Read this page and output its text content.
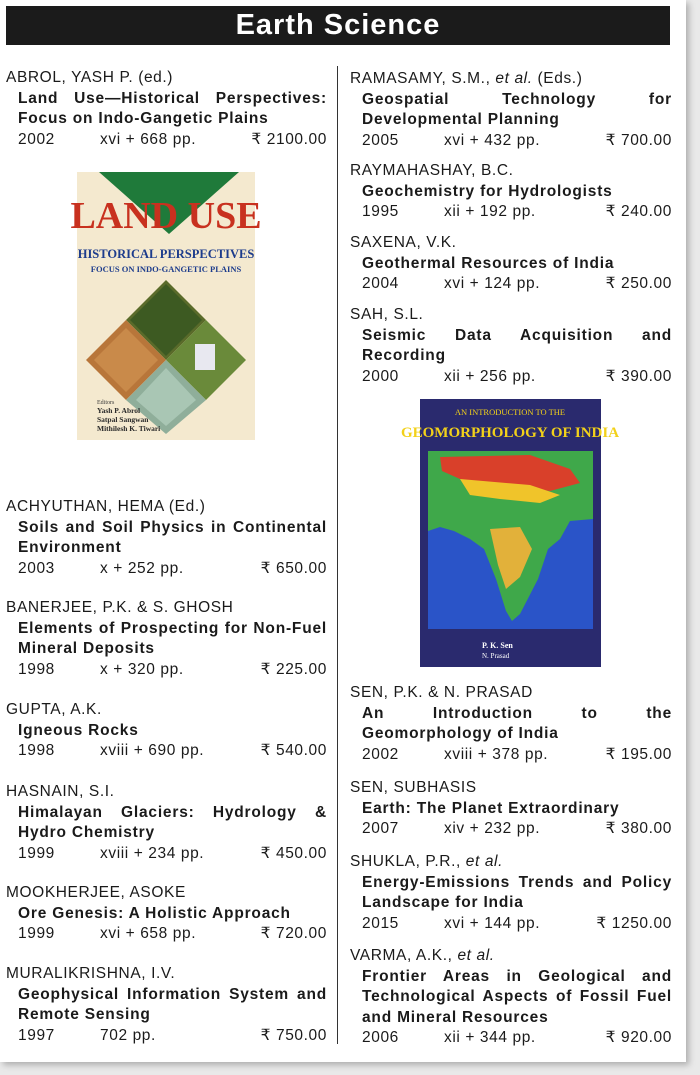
Earth Science
ABROL, YASH P. (ed.)
Land Use—Historical Perspectives: Focus on Indo-Gangetic Plains
2002	xvi + 668 pp.	₹ 2100.00
ACHYUTHAN, HEMA (Ed.)
Soils and Soil Physics in Continental Environment
2003	x + 252 pp.	₹ 650.00
BANERJEE, P.K. & S. GHOSH
Elements of Prospecting for Non-Fuel Mineral Deposits
1998	x + 320 pp.	₹ 225.00
GUPTA, A.K.
Igneous Rocks
1998	xviii + 690 pp.	₹ 540.00
HASNAIN, S.I.
Himalayan Glaciers: Hydrology & Hydro Chemistry
1999	xviii + 234 pp.	₹ 450.00
MOOKHERJEE, ASOKE
Ore Genesis: A Holistic Approach
1999	xvi + 658 pp.	₹ 720.00
MURALIKRISHNA, I.V.
Geophysical Information System and Remote Sensing
1997	702 pp.	₹ 750.00
LAND USE
HISTORICAL PERSPECTIVES
FOCUS ON INDO-GANGETIC PLAINS
Editors
Yash P. Abrol
Satpal Sangwan
Mithilesh K. Tiwari
RAMASAMY, S.M., et al. (Eds.)
Geospatial Technology for Developmental Planning
2005	xvi + 432 pp.	₹ 700.00
RAYMAHASHAY, B.C.
Geochemistry for Hydrologists
1995	xii + 192 pp.	₹ 240.00
SAXENA, V.K.
Geothermal Resources of India
2004	xvi + 124 pp.	₹ 250.00
SAH, S.L.
Seismic Data Acquisition and Recording
2000	xii + 256 pp.	₹ 390.00
SEN, P.K. & N. PRASAD
An Introduction to the Geomorphology of India
2002	xviii + 378 pp.	₹ 195.00
SEN, SUBHASIS
Earth: The Planet Extraordinary
2007	xiv + 232 pp.	₹ 380.00
SHUKLA, P.R., et al.
Energy-Emissions Trends and Policy Landscape for India
2015	xvi + 144 pp.	₹ 1250.00
VARMA, A.K., et al.
Frontier Areas in Geological and Technological Aspects of Fossil Fuel and Mineral Resources
2006	xii + 344 pp.	₹ 920.00
AN INTRODUCTION TO THE
GEOMORPHOLOGY OF INDIA
P. K. Sen
N. Prasad
